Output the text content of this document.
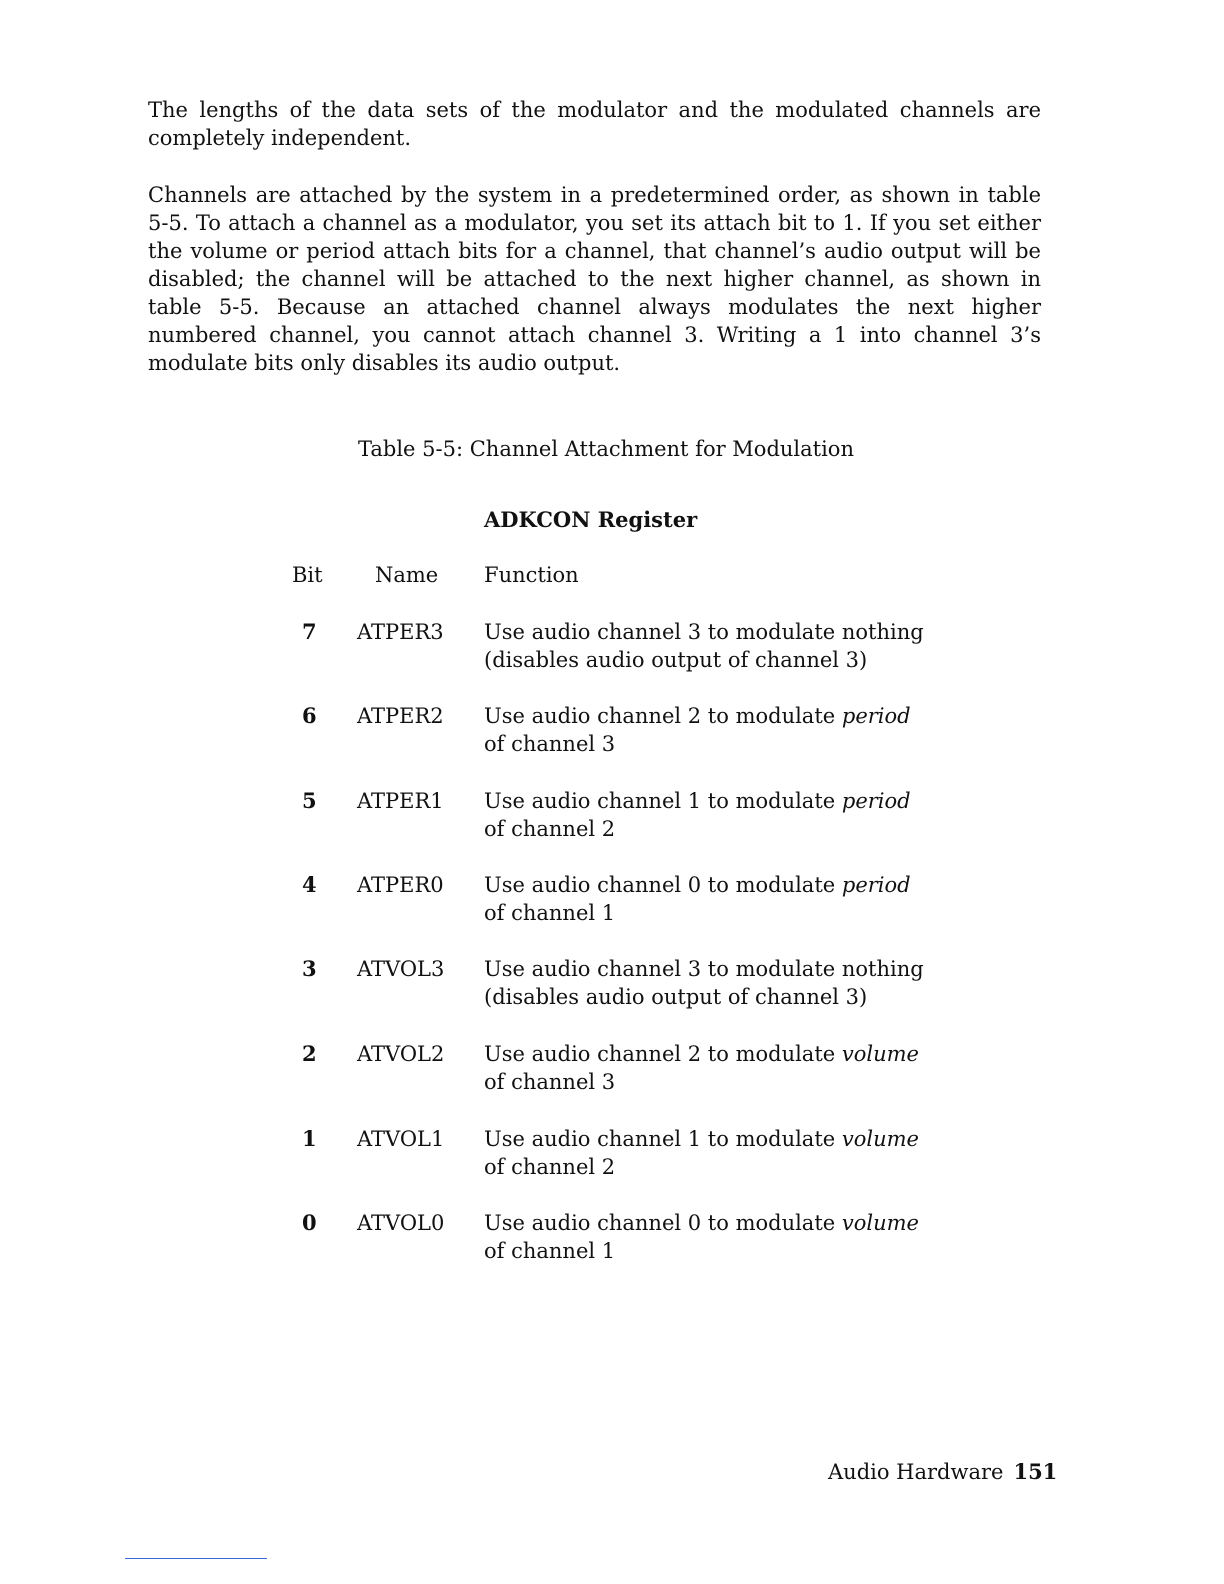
The lengths of the data sets of the modulator and the modulated channels are completely independent.

Channels are attached by the system in a predetermined order, as shown in table 5-5. To attach a channel as a modulator, you set its attach bit to 1. If you set either the volume or period attach bits for a channel, that channel’s audio output will be disabled; the channel will be attached to the next higher channel, as shown in table 5-5. Because an attached channel always modulates the next higher numbered channel, you cannot attach channel 3. Writing a 1 into channel 3’s modulate bits only disables its audio output.

Table 5-5: Channel Attachment for Modulation

ADKCON Register

Bit Name Function

7 ATPER3 Use audio channel 3 to modulate nothing
(disables audio output of channel 3)
6 ATPER2 Use audio channel 2 to modulate period
of channel 3
5 ATPER1 Use audio channel 1 to modulate period
of channel 2
4 ATPER0 Use audio channel 0 to modulate period
of channel 1
3 ATVOL3 Use audio channel 3 to modulate nothing
(disables audio output of channel 3)
2 ATVOL2 Use audio channel 2 to modulate volume
of channel 3
1 ATVOL1 Use audio channel 1 to modulate volume
of channel 2
0 ATVOL0 Use audio channel 0 to modulate volume
of channel 1

Audio Hardware 151
